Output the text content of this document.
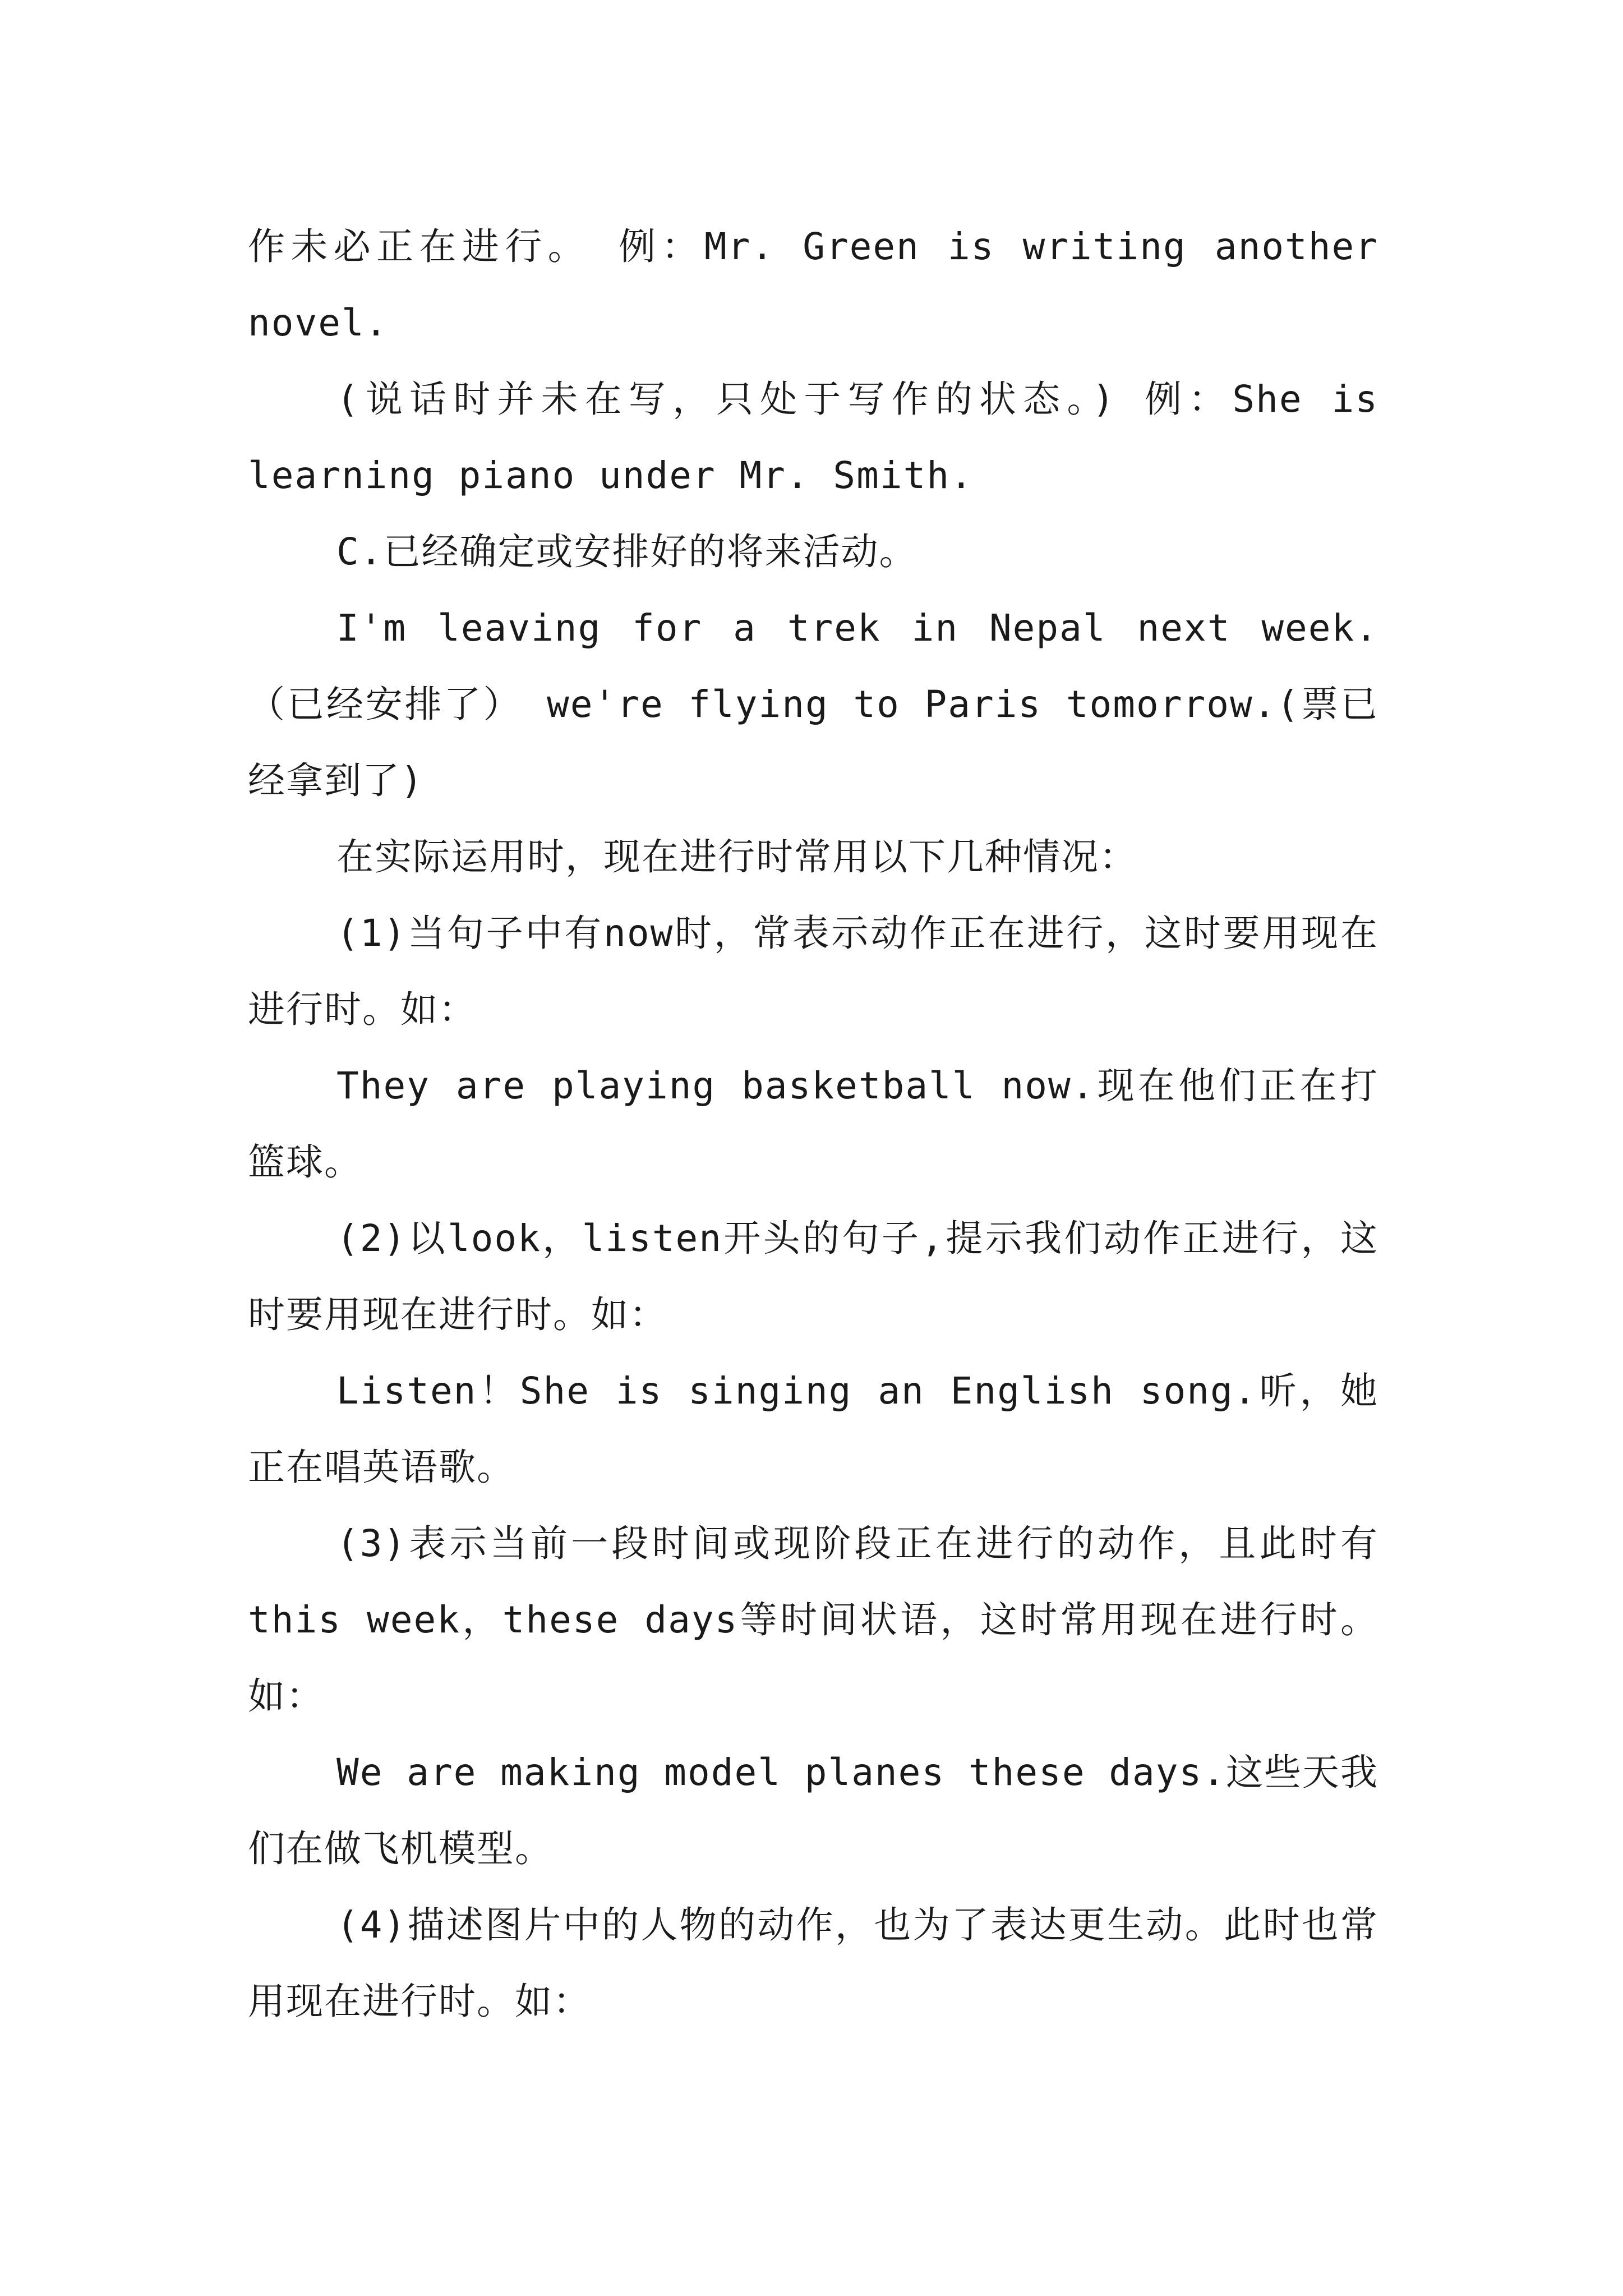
作未必正在进行。 例：Mr. Green is writing another novel.

(说话时并未在写，只处于写作的状态。) 例：She is learning piano under Mr. Smith.

C.已经确定或安排好的将来活动。

I'm leaving for a trek in Nepal next week.（已经安排了） we're flying to Paris tomorrow.(票已经拿到了)

在实际运用时，现在进行时常用以下几种情况：

(1)当句子中有now时，常表示动作正在进行，这时要用现在进行时。如：

They are playing basketball now.现在他们正在打篮球。

(2)以look，listen开头的句子,提示我们动作正进行，这时要用现在进行时。如：

Listen！She is singing an English song.听，她正在唱英语歌。

(3)表示当前一段时间或现阶段正在进行的动作，且此时有this week，these days等时间状语，这时常用现在进行时。如：

We are making model planes these days.这些天我们在做飞机模型。

(4)描述图片中的人物的动作，也为了表达更生动。此时也常用现在进行时。如：
